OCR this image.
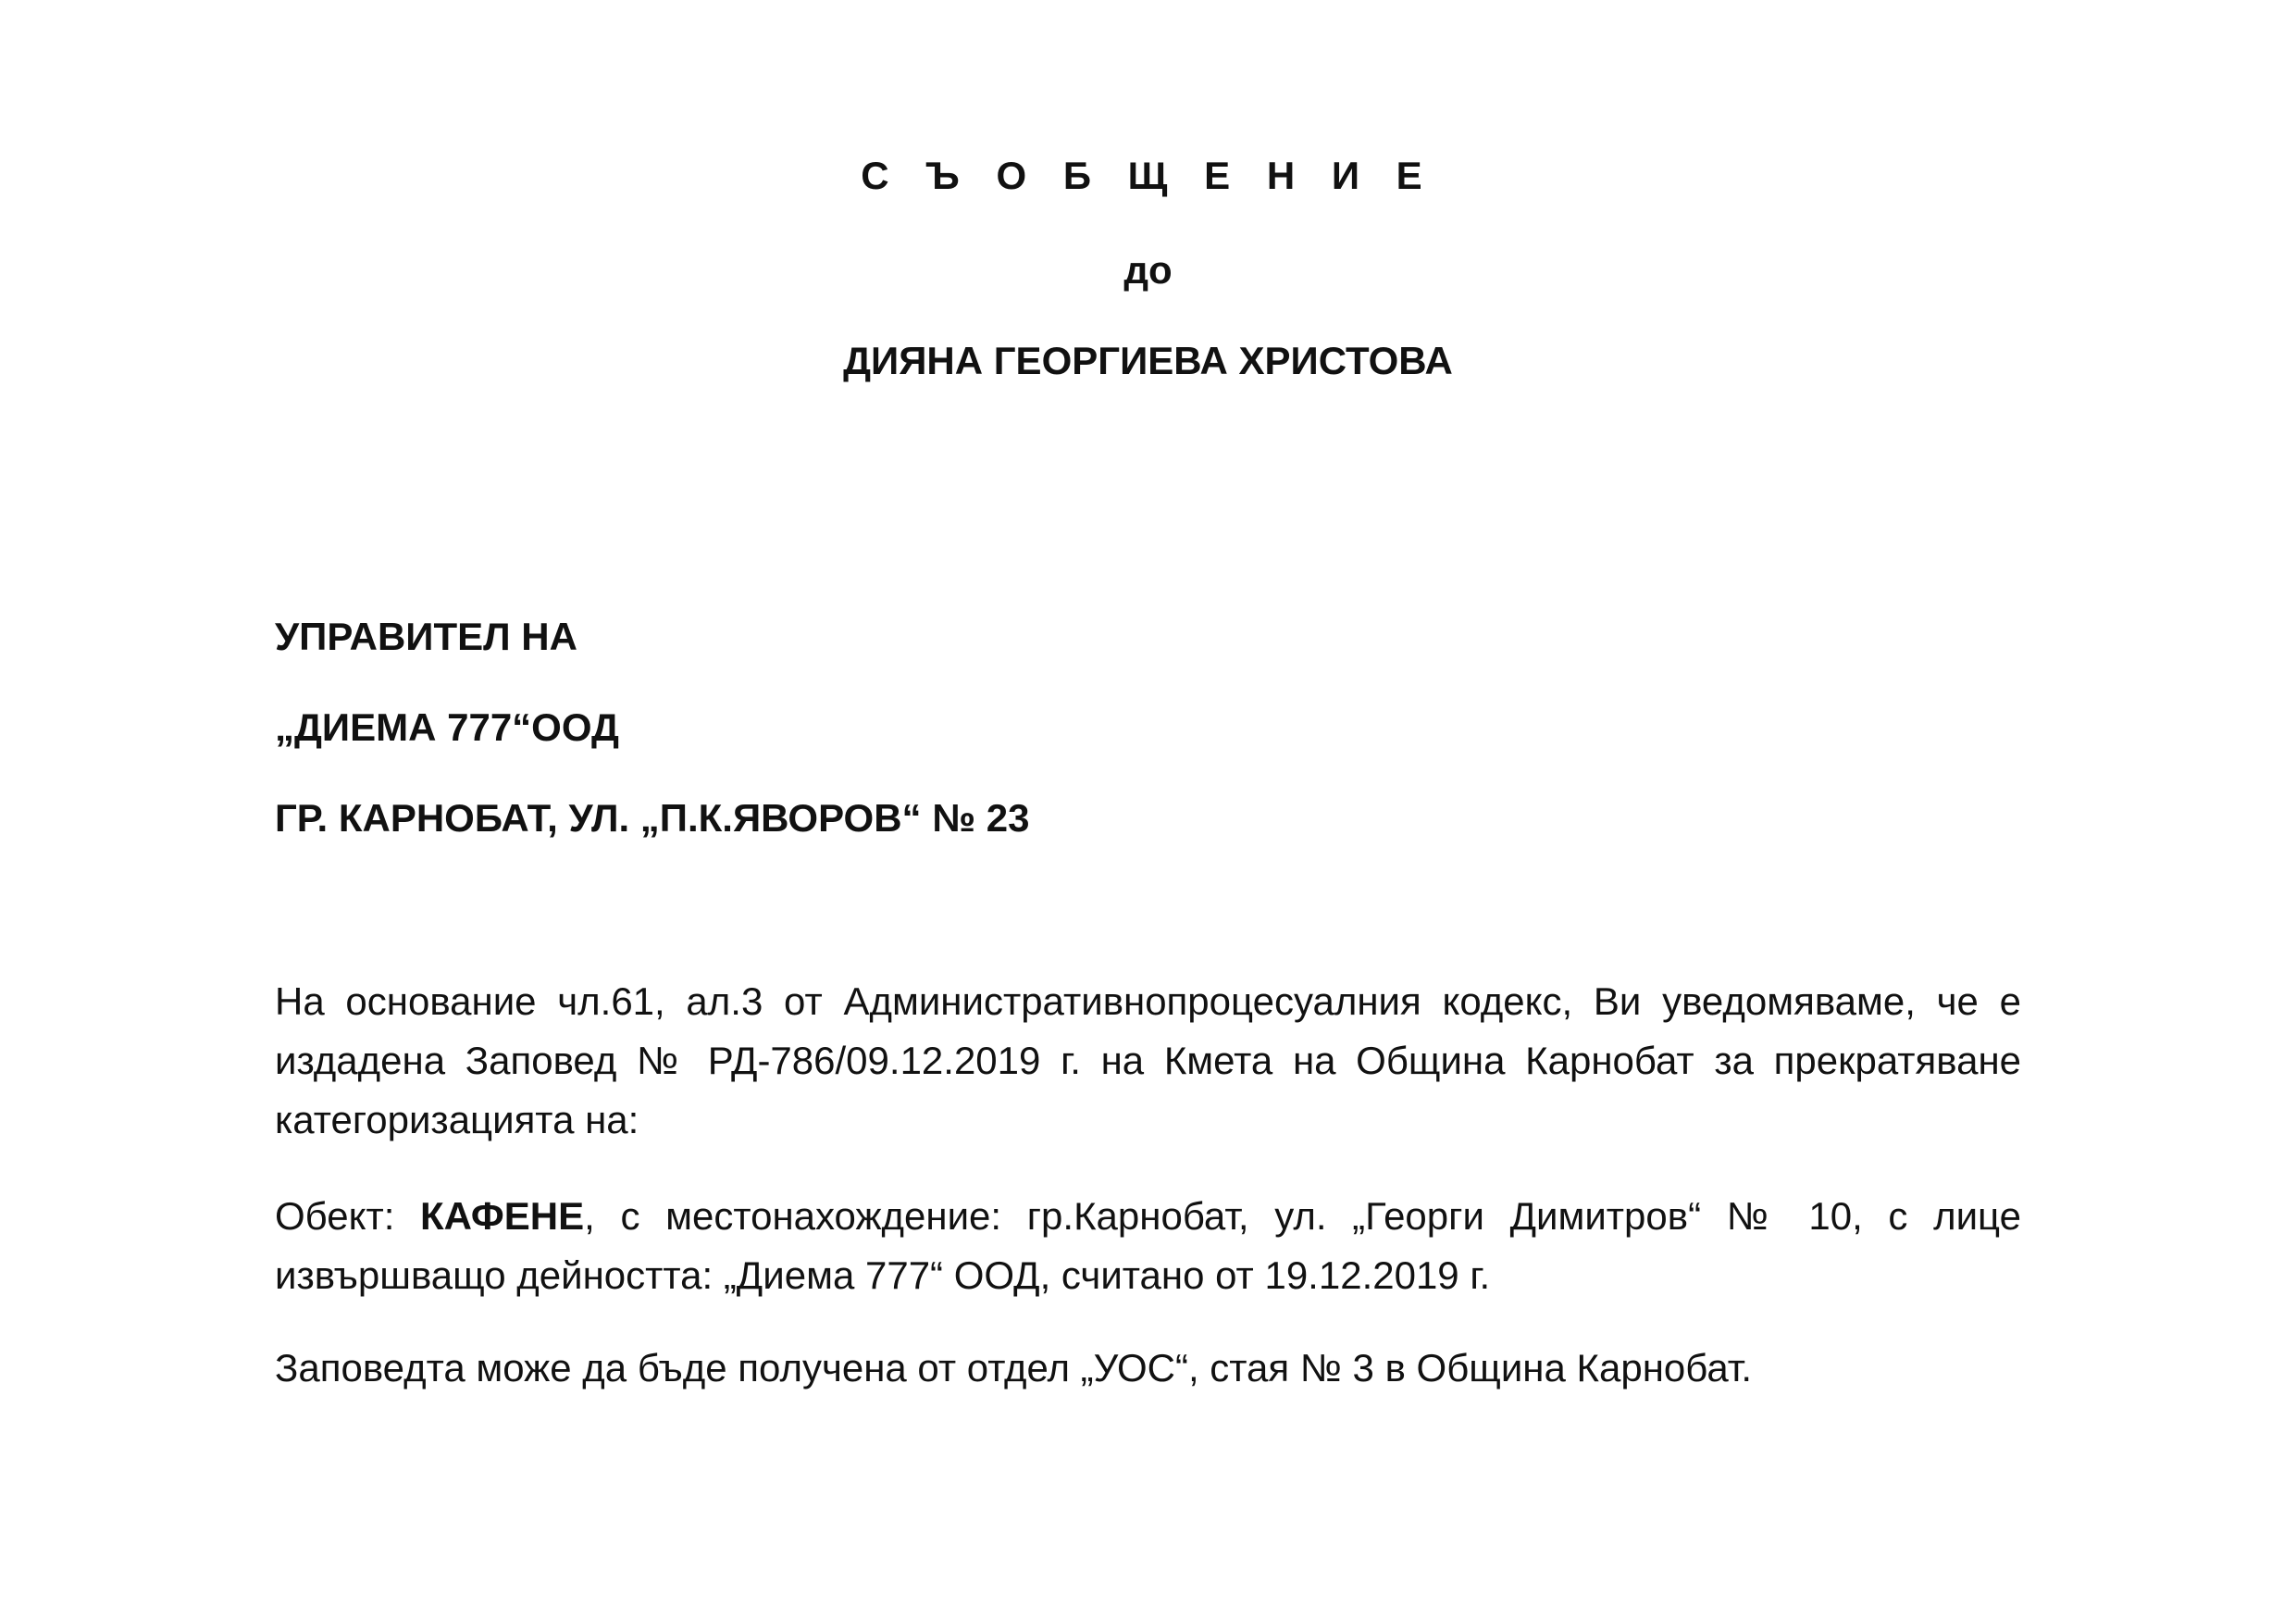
С Ъ О Б Щ Е Н И Е
до
ДИЯНА ГЕОРГИЕВА ХРИСТОВА
УПРАВИТЕЛ НА
„ДИЕМА 777“ООД
ГР. КАРНОБАТ, УЛ. „П.К.ЯВОРОВ“ № 23

На основание чл.61, ал.3 от Административнопроцесуалния кодекс, Ви уведомяваме, че е издадена Заповед № РД-786/09.12.2019 г. на Кмета на Община Карнобат за прекратяване категоризацията на:

Обект: КАФЕНЕ, с местонахождение: гр.Карнобат, ул. „Георги Димитров“ № 10, с лице извършващо дейността: „Диема 777“ ООД, считано от 19.12.2019 г.

Заповедта може да бъде получена от отдел „УОС“, стая № 3 в Община Карнобат.
